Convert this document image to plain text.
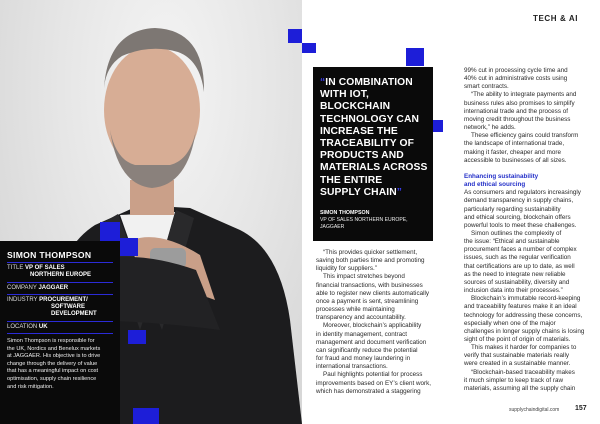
SIMON THOMPSON
TITLE VP OF SALES
NORTHERN EUROPE
COMPANY JAGGAER
INDUSTRY PROCUREMENT/
SOFTWARE
DEVELOPMENT
LOCATION UK
Simon Thompson is responsible for
the UK, Nordics and Benelux markets
at JAGGAER. His objective is to drive
change through the delivery of value
that has a meaningful impact on cost
optimisation, supply chain resilience
and risk mitigation.
TECH & AI
“IN COMBINATION
WITH IOT,
BLOCKCHAIN
TECHNOLOGY CAN
INCREASE THE
TRACEABILITY OF
PRODUCTS AND
MATERIALS ACROSS
THE ENTIRE
SUPPLY CHAIN”
SIMON THOMPSON
VP OF SALES NORTHERN EUROPE, JAGGAER

“This provides quicker settlement,

saving both parties time and promoting

liquidity for suppliers.”

This impact stretches beyond

financial transactions, with businesses

able to register new clients automatically

once a payment is sent, streamlining

processes while maintaining

transparency and accountability.

Moreover, blockchain’s applicability

in identity management, contract

management and document verification

can significantly reduce the potential

for fraud and money laundering in

international transactions.

Paul highlights potential for process

improvements based on EY’s client work,

which has demonstrated a staggering

99% cut in processing cycle time and

40% cut in administrative costs using

smart contracts.

“The ability to integrate payments and

business rules also promises to simplify

international trade and the process of

moving credit throughout the business

network,” he adds.

These efficiency gains could transform

the landscape of international trade,

making it faster, cheaper and more

accessible to businesses of all sizes.

Enhancing sustainability
and ethical sourcing

As consumers and regulators increasingly

demand transparency in supply chains,

particularly regarding sustainability

and ethical sourcing, blockchain offers

powerful tools to meet these challenges.

Simon outlines the complexity of

the issue: “Ethical and sustainable

procurement faces a number of complex

issues, such as the regular verification

that certifications are up to date, as well

as the need to integrate new reliable

sources of sustainability, diversity and

inclusion data into their processes.”

Blockchain’s immutable record-keeping

and traceability features make it an ideal

technology for addressing these concerns,

especially when one of the major

challenges in longer supply chains is losing

sight of the point of origin of materials.

This makes it harder for companies to

verify that sustainable materials really

were created in a sustainable manner.

“Blockchain-based traceability makes

it much simpler to keep track of raw

materials, assuming all the supply chain

supplychaindigital.com 157
